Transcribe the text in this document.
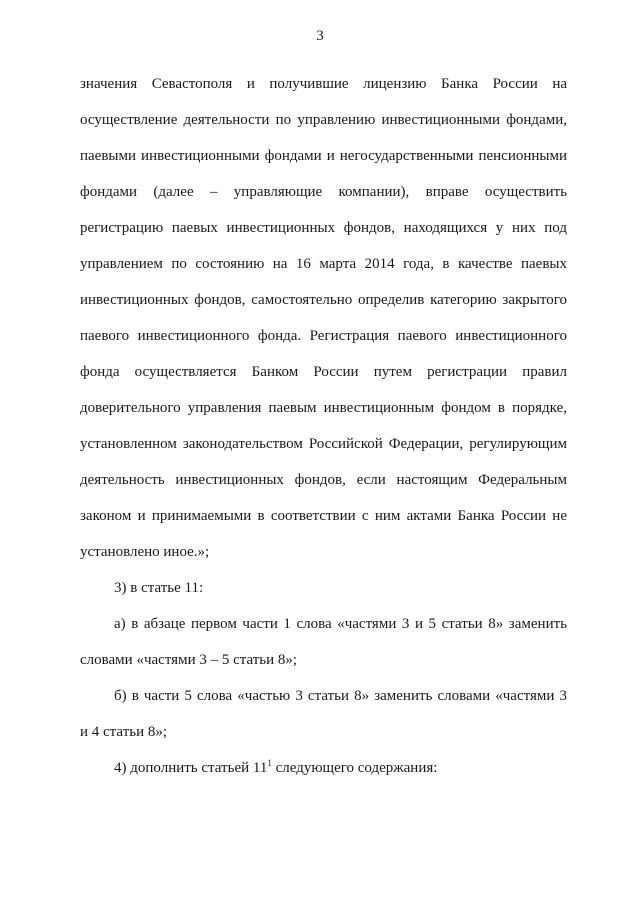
3
значения Севастополя и получившие лицензию Банка России на
осуществление деятельности по управлению инвестиционными фондами,
паевыми инвестиционными фондами и негосударственными пенсионными
фондами (далее – управляющие компании), вправе осуществить
регистрацию паевых инвестиционных фондов, находящихся у них под
управлением по состоянию на 16 марта 2014 года, в качестве паевых
инвестиционных фондов, самостоятельно определив категорию закрытого
паевого инвестиционного фонда. Регистрация паевого инвестиционного
фонда осуществляется Банком России путем регистрации правил
доверительного управления паевым инвестиционным фондом в порядке,
установленном законодательством Российской Федерации, регулирующим
деятельность инвестиционных фондов, если настоящим Федеральным
законом и принимаемыми в соответствии с ним актами Банка России не
установлено иное.»;
3) в статье 11:
а) в абзаце первом части 1 слова «частями 3 и 5 статьи 8» заменить
словами «частями 3 – 5 статьи 8»;
б) в части 5 слова «частью 3 статьи 8» заменить словами «частями 3
и 4 статьи 8»;
4) дополнить статьей $11^1$ следующего содержания:
